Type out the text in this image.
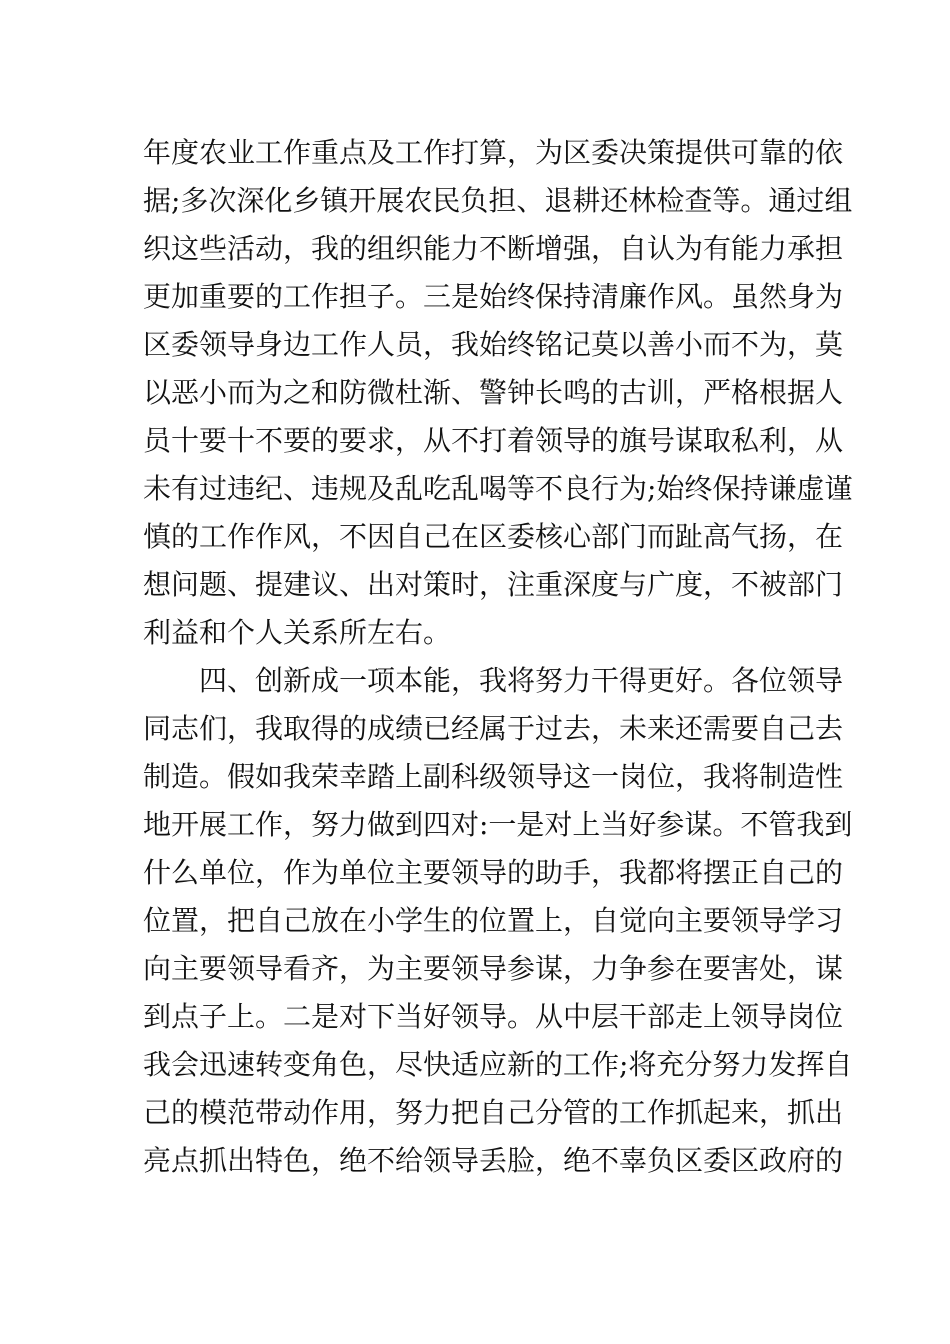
年度农业工作重点及工作打算，为区委决策提供可靠的依
据;多次深化乡镇开展农民负担、退耕还林检查等。通过组
织这些活动，我的组织能力不断增强，自认为有能力承担
更加重要的工作担子。三是始终保持清廉作风。虽然身为
区委领导身边工作人员，我始终铭记莫以善小而不为，莫
以恶小而为之和防微杜渐、警钟长鸣的古训，严格根据人
员十要十不要的要求，从不打着领导的旗号谋取私利，从
未有过违纪、违规及乱吃乱喝等不良行为;始终保持谦虚谨
慎的工作作风，不因自己在区委核心部门而趾高气扬，在
想问题、提建议、出对策时，注重深度与广度，不被部门
利益和个人关系所左右。
四、创新成一项本能，我将努力干得更好。各位领导
同志们，我取得的成绩已经属于过去，未来还需要自己去
制造。假如我荣幸踏上副科级领导这一岗位，我将制造性
地开展工作，努力做到四对:一是对上当好参谋。不管我到
什么单位，作为单位主要领导的助手，我都将摆正自己的
位置，把自己放在小学生的位置上，自觉向主要领导学习
向主要领导看齐，为主要领导参谋，力争参在要害处，谋
到点子上。二是对下当好领导。从中层干部走上领导岗位
我会迅速转变角色，尽快适应新的工作;将充分努力发挥自
己的模范带动作用，努力把自己分管的工作抓起来，抓出
亮点抓出特色，绝不给领导丢脸，绝不辜负区委区政府的
